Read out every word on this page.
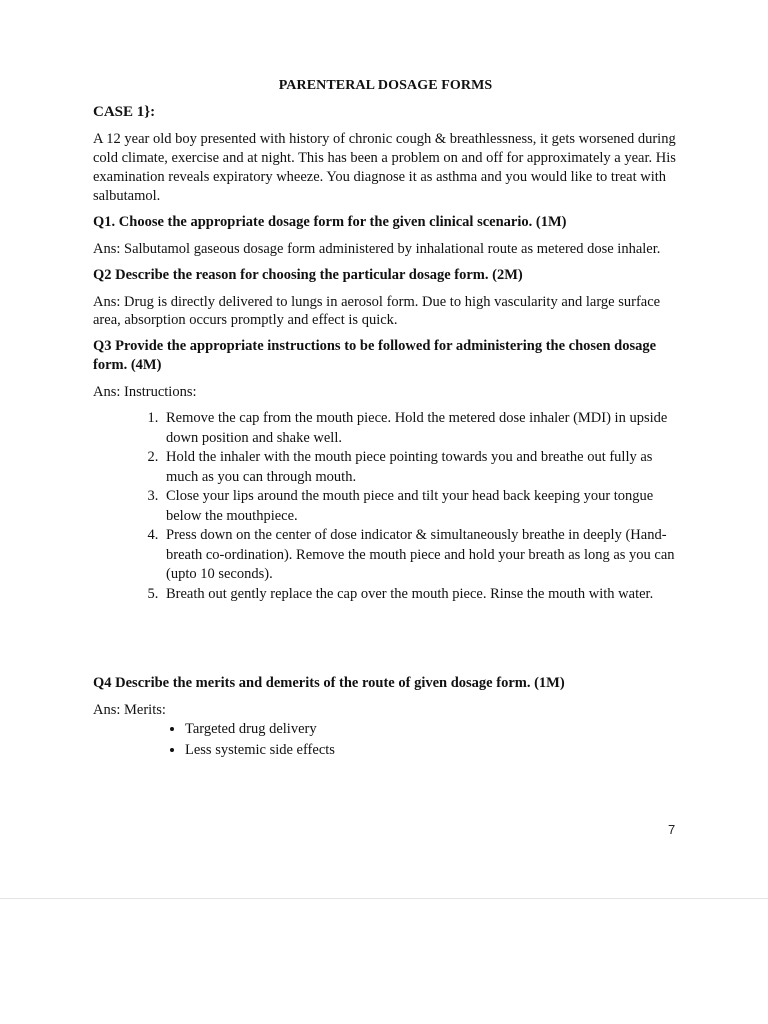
PARENTERAL DOSAGE FORMS
CASE 1}:
A 12 year old boy presented with history of chronic cough & breathlessness, it gets worsened during cold climate, exercise and at night. This has been a problem on and off for approximately a year. His examination reveals expiratory wheeze. You diagnose it as asthma and you would like to treat with salbutamol.
Q1. Choose the appropriate dosage form for the given clinical scenario. (1M)
Ans: Salbutamol gaseous dosage form administered by inhalational route as metered dose inhaler.
Q2 Describe the reason for choosing the particular dosage form. (2M)
Ans: Drug is directly delivered to lungs in aerosol form. Due to high vascularity and large surface area, absorption occurs promptly and effect is quick.
Q3 Provide the appropriate instructions to be followed for administering the chosen dosage form. (4M)
Ans: Instructions:
1. Remove the cap from the mouth piece. Hold the metered dose inhaler (MDI) in upside down position and shake well.
2. Hold the inhaler with the mouth piece pointing towards you and breathe out fully as much as you can through mouth.
3. Close your lips around the mouth piece and tilt your head back keeping your tongue below the mouthpiece.
4. Press down on the center of dose indicator & simultaneously breathe in deeply (Hand-breath co-ordination). Remove the mouth piece and hold your breath as long as you can (upto 10 seconds).
5. Breath out gently replace the cap over the mouth piece. Rinse the mouth with water.
Q4 Describe the merits and demerits of the route of given dosage form. (1M)
Ans: Merits:
• Targeted drug delivery
• Less systemic side effects
7
